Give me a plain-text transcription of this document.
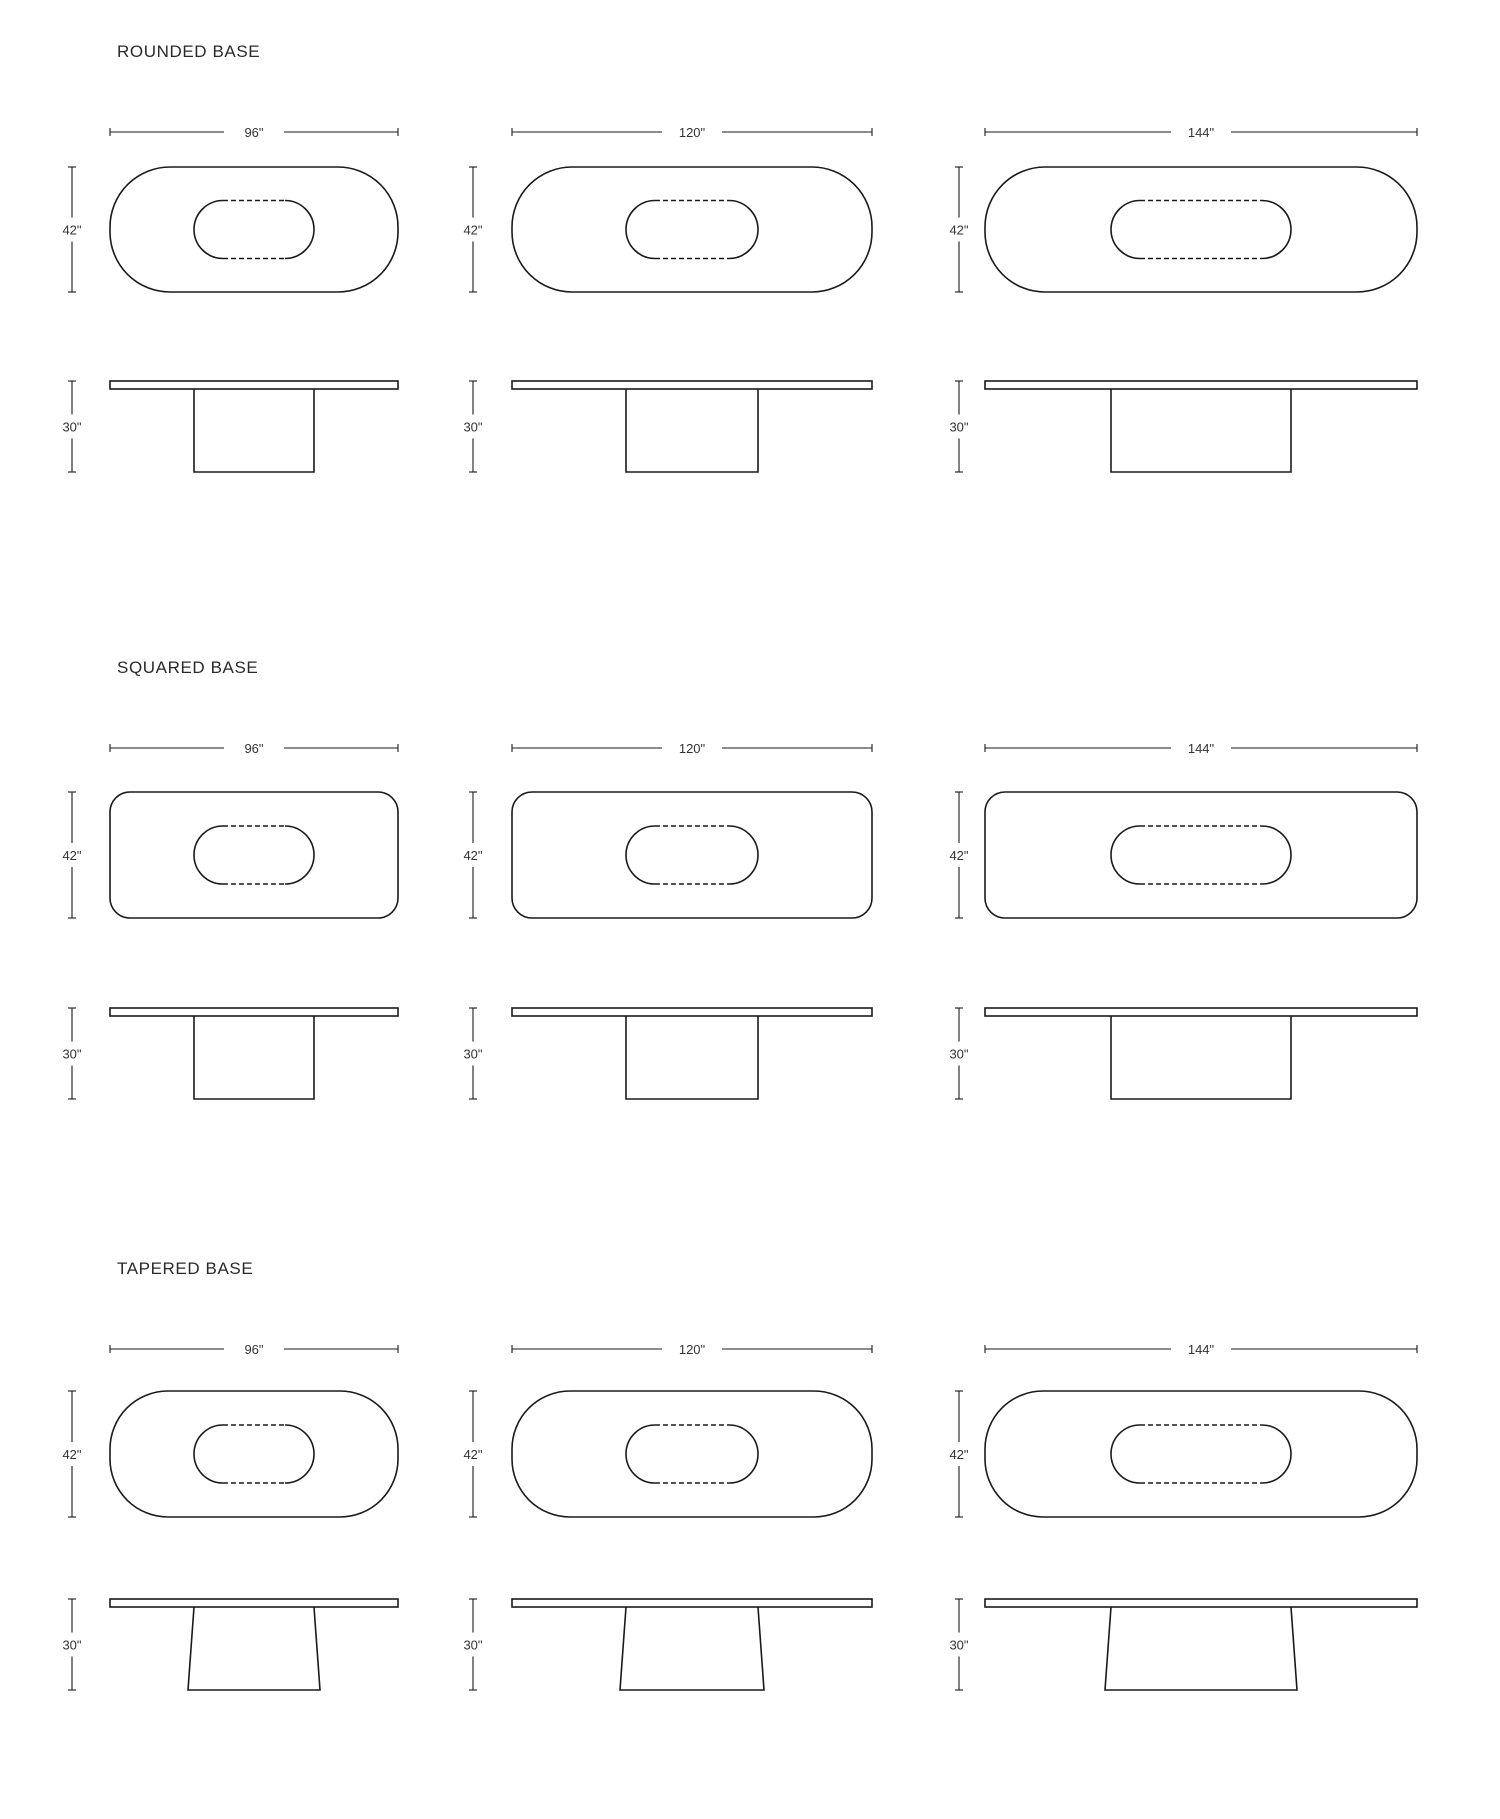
ROUNDED BASE
96"
42"
30"
120"
42"
30"
144"
42"
30"
SQUARED BASE
96"
42"
30"
120"
42"
30"
144"
42"
30"
TAPERED BASE
96"
42"
30"
120"
42"
30"
144"
42"
30"
